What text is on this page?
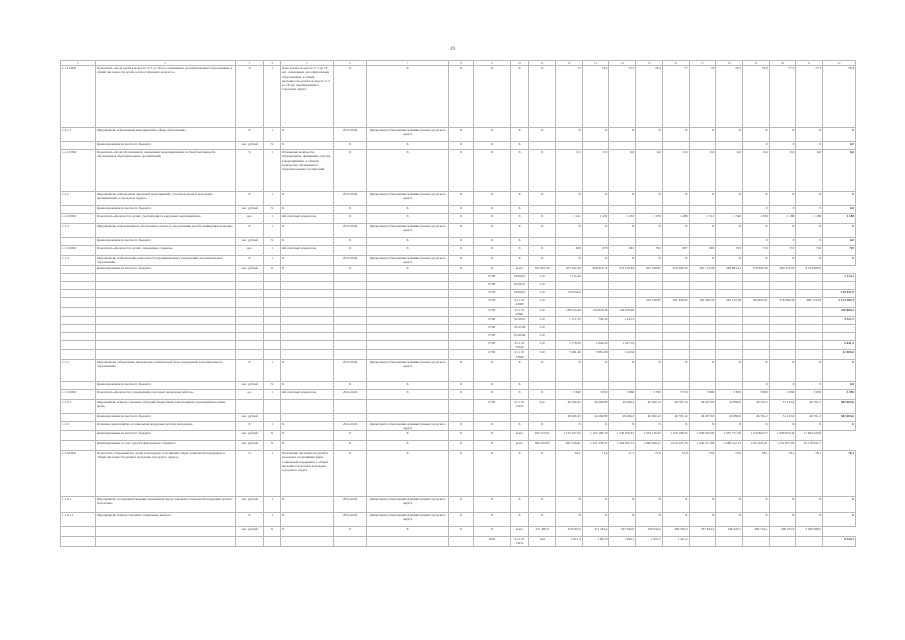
19
1	2	3	4	5	6	7	8	9	10	11	12	13	14	15	16	17	18	19	20	21	22
1.1.1.ПМ1	Показатель «Доля детей в возрасте от 5 до 18 лет, охваченных дополнительным образованием, в общей численности детей соответствующего возраста»	%	1	Доля детей в возрасте от 5 до 18 лет, охваченных дополнительным образованием, к общей численности детей в возрасте от 5 до 18 лет, проживающих в городском округе	Х	Х	Х	Х	Х	Х	72	74,2	75,3	76,4	77	78	79,5	79,9	77,3	77,3	77,3
1.1.1.1	Мероприятие «Проведение мероприятий в сфере образования»	Х	1	Х	2014-2024	Департамент образования Администрации городского округа	Х	Х	Х	Х	Х	Х	Х	Х	Х	Х	Х	Х	Х	Х	Х
	финансирование из местного бюджета	тыс. рублей	Х	Х	Х	Х	Х	Х	Х									0	0	0	0,0
1.1.1.ПМ2	Показатель «Доля обучающихся, охваченных мероприятиями, в общей численности обучающихся образовательных организаций»	%	1	Отношение количества обучающихся, принявших участие в мероприятиях, к общему количеству обучающихся образовательных организаций	Х	Х	Х	Х	Х	Х	6,5	6,5	6,6	6,6	6,6	6,6	6,6	6,6	6,6	6,6	6,6
1.1.2	Мероприятие «Проведение окружных мероприятий с участием детей и молодежи, проживающих в городском округе»	Х	1	Х	2014-2024	Департамент образования Администрации городского округа	Х	Х	Х	Х	Х	Х	Х	Х	Х	Х	Х	Х	Х	Х	Х
	финансирование из местного бюджета	тыс. рублей	Х	Х	Х	Х	Х	Х	Х									0	0	0	0,0
1.1.2.ПМ1	Показатель «Количество детей, участвующих в окружных мероприятиях»	чел.	1	Абсолютный показатель	Х	Х	Х	Х	Х	Х	1 411	1 432	1 453	1 476	1 488	1 512	1 540	1 636	1 188	1 188	1 188
1.1.3	Мероприятие «Организация и обеспечение отдыха и оздоровления детей в каникулярное время»	Х	1	Х	2014-2024	Департамент образования Администрации городского округа	Х	Х	Х	Х	Х	Х	Х	Х	Х	Х	Х	Х	Х	Х	Х
	финансирование из местного бюджета	тыс. рублей	Х	Х	Х	Х	Х	Х	Х									0	0	0	0,0
1.1.3.ПМ1	Показатель «Количество детей, охваченных отдыхом»	чел.	1	Абсолютный показатель	Х	Х	Х	Х	Х	Х	628	678	691	702	687	693	703	710	710	710	710
1.1.4	Мероприятие «Обеспечение деятельности муниципальных учреждений дополнительного образования»	Х	1	Х	2014-2024	Департамент образования Администрации городского округа	Х	Х	Х	Х	Х	Х	Х	Х	Х	Х	Х	Х	Х	Х	Х
	финансирование из местного бюджета	тыс. рублей	Х	Х	Х	Х	Х	Х	всего	321 905,50	357 442,20	368 912,72	370 126,85	391 326,65	350 462,50	381 172,58	384 893,41	376 085,56	480 114,93	4 134 609,9	
								0709	5420201	510	1 114,20										1 114,2
								0709	3510231	510											-
								0703	5420201	510	130 032,9										130 032,9
								0703	01 1 01 42000	510				370 126,85	391 326,65	350 462,50	381 172,58	384 893,41	376 085,56	480 114,93	2 734 182,5
								0703	01 1 01 47601	510	138 914,40	134 916,38	136 978,40								410 809,2
								0709	5510231	510	1 171,55	720,30	1 435,3								3 327,2
								0709	5511230	510											-
								0703	5510230	510											
								0703	01 1 01 70520	510	1 779,50	1 604,20	1 247,52								5 631,2
								0703	01 1 01 72040	510	7 481,40	3 881,60	1 102,6								12 465,6
1.1.5	Мероприятие «Укрепление материально-технической базы учреждений дополнительного образования»	Х	1	Х	2014-2024	Департамент образования Администрации городского округа	Х	Х	Х	Х	Х	Х	Х	Х	Х	Х	Х	Х	Х	Х	Х
	финансирование из местного бюджета	тыс. рублей	Х	Х	Х	Х	Х	Х	Х									0	0	0	0,0
1.1.5.ПМ1	Показатель «Количество учреждений, в которых проведены работы»	ед.	1	Абсолютный показатель	2014-2024	Х	Х	Х	Х	Х	3 640	3 650	3 660	3 700	3 750	3 800	3 850	3 900	3 950	3 950	3 950
1.1.5.1	Мероприятие «Предоставление субсидий бюджетным и автономным учреждениям на иные цели»							0709	01 1 01 71421	612	49 496,33	44 290,89	49 496,3	46 300,12	46 765,14	46 297,63	45 890,0	46 761,2	51 143,6	46 761,3	382 603,6
	финансирование из местного бюджета	тыс. рублей									49 496,33	44 290,89	49 496,3	46 300,12	46 765,14	46 297,63	45 890,0	46 761,2	51 143,6	46 761,3	382 603,6
1.1.6	Основное мероприятие «Социальная поддержка детей и молодежи»	Х	1	Х	2014-2024	Департамент образования Администрации городского округа	Х	Х	Х	Х	Х	Х	Х	Х	Х	Х	Х	Х	Х	Х	Х
	финансирование из местного бюджета	тыс. рублей	Х	Х	Х	Х	Х	Х	всего	932 275,97	1 135 457,32	1 102 185,70	1 230 935,81	1 010 118,45	1 159 108,32	1 060 002,96	1 055 771,30	1 120 804,77	1 090 874,34	11 004 220,8	
	финансирование за счет средств федерального бюджета	тыс. рублей	Х	Х	Х	Х	Х	Х	всего	596 193,85	847 529,61	1 231 230,07	1 249 816,51	1 066 939,21	1 012 547,76	1 030 371,66	1 080 512,13	1 051 903,21	1 011 877,65	10 178 921,7	
1.1.6.ПМ1	Показатель «Удельный вес детей и молодежи, получивших меры социальной поддержки, в общей численности детей и молодежи городского округа»	%	1	Отношение численности детей и молодежи, получивших меры социальной поддержки, к общей численности детей и молодежи городского округа	Х	Х	Х	Х	Х	Х	81,1	71,6	71,7	71,9	72,9	73,9	73,9	78,1	78,1	78,1	78,1
1.1.6.1	Мероприятие «Совершенствование механизмов предоставления социальной поддержки детям и молодежи»	тыс. рублей	1	Х	2014-2024	Департамент образования Администрации городского округа	Х	Х	Х	Х	Х	Х	Х	Х	Х	Х	Х	Х	Х	Х	Х
1.1.6.1.1	Мероприятие «Предоставление социальных выплат»	Х	1	Х	2014-2024	Департамент образования Администрации городского округа	Х	Х	Х	Х	Х	Х	Х	Х	Х	Х	Х	Х	Х	Х	Х
		тыс. рублей	Х	Х	Х	Х	Х	Х	всего	271 485,6	318 291,6	311 434,2	327 943,0	328 034,4	366 595,6	337 494,2	346 420,1	384 724,1	298 475,6	3 260 098,5	
								1004	01 1 01 74211	244	1 871,4	1 607,6	1 494,1	1 931,5	1 441,2						8 344,7
